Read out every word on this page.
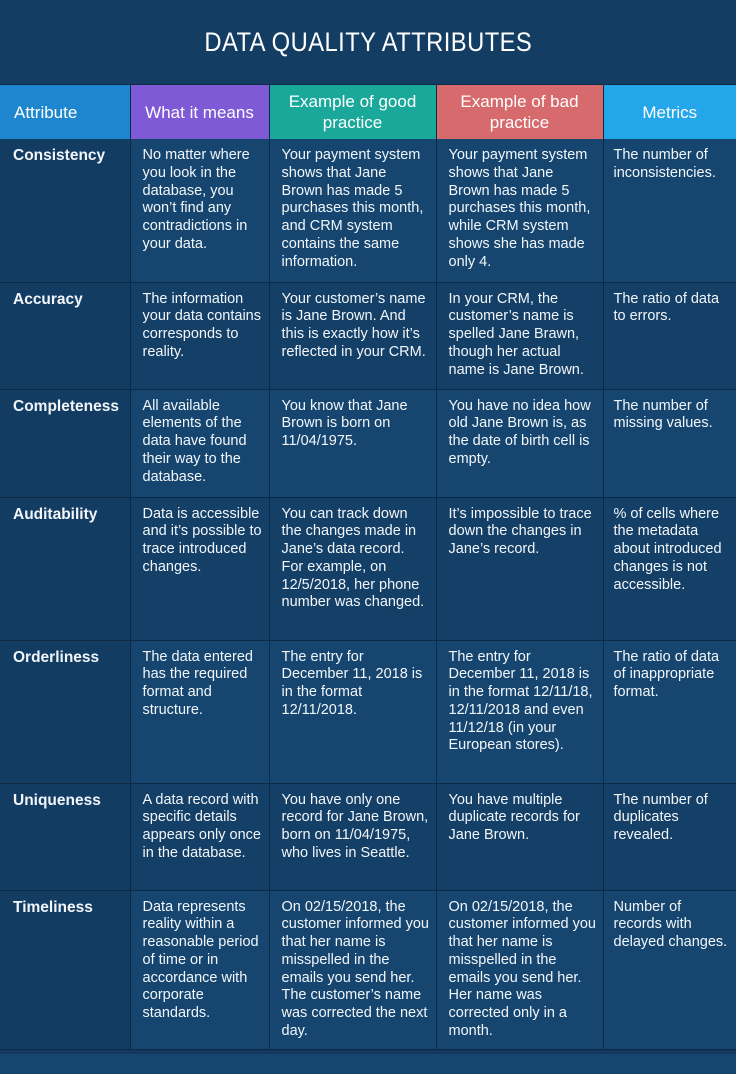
DATA QUALITY ATTRIBUTES
Attribute	What it means	Example of good practice	Example of bad practice	Metrics
Consistency	No matter where you look in the database, you won’t find any contradictions in your data.	Your payment system shows that Jane Brown has made 5 purchases this month, and CRM system contains the same information.	Your payment system shows that Jane Brown has made 5 purchases this month, while CRM system shows she has made only 4.	The number of inconsistencies.
Accuracy	The information your data contains corresponds to reality.	Your customer’s name is Jane Brown. And this is exactly how it’s reflected in your CRM.	In your CRM, the customer’s name is spelled Jane Brawn, though her actual name is Jane Brown.	The ratio of data to errors.
Completeness	All available elements of the data have found their way to the database.	You know that Jane Brown is born on 11/04/1975.	You have no idea how old Jane Brown is, as the date of birth cell is empty.	The number of missing values.
Auditability	Data is accessible and it’s possible to trace introduced changes.	You can track down the changes made in Jane’s data record. For example, on 12/5/2018, her phone number was changed.	It’s impossible to trace down the changes in Jane’s record.	% of cells where the metadata about introduced changes is not accessible.
Orderliness	The data entered has the required format and structure.	The entry for December 11, 2018 is in the format 12/11/2018.	The entry for December 11, 2018 is in the format 12/11/18, 12/11/2018 and even 11/12/18 (in your European stores).	The ratio of data of inappropriate format.
Uniqueness	A data record with specific details appears only once in the database.	You have only one record for Jane Brown, born on 11/04/1975, who lives in Seattle.	You have multiple duplicate records for Jane Brown.	The number of duplicates revealed.
Timeliness	Data represents reality within a reasonable period of time or in accordance with corporate standards.	On 02/15/2018, the customer informed you that her name is misspelled in the emails you send her. The customer’s name was corrected the next day.	On 02/15/2018, the customer informed you that her name is misspelled in the emails you send her. Her name was corrected only in a month.	Number of records with delayed changes.
